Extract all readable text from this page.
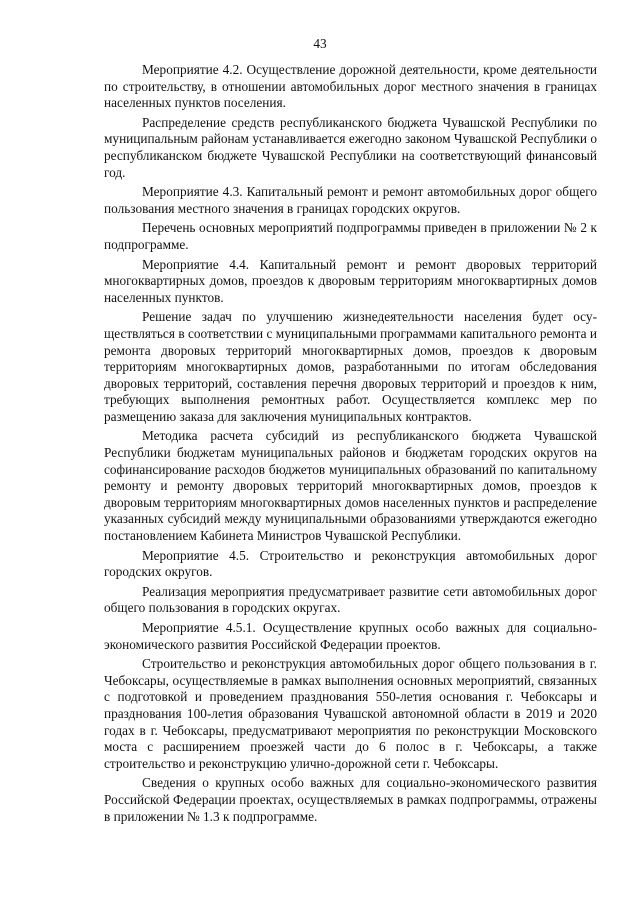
43

Мероприятие 4.2. Осуществление дорожной деятельности, кроме деятельности по строительству, в отношении автомобильных дорог местного значения в границах населенных пунктов поселения.

Распределение средств республиканского бюджета Чувашской Республики по муниципальным районам устанавливается ежегодно законом Чувашской Республики о республиканском бюджете Чувашской Республики на соответствующий финансовый год.

Мероприятие 4.3. Капитальный ремонт и ремонт автомобильных дорог общего пользования местного значения в границах городских округов.

Перечень основных мероприятий подпрограммы приведен в приложении № 2 к подпрограмме.

Мероприятие 4.4. Капитальный ремонт и ремонт дворовых территорий многоквартирных домов, проездов к дворовым территориям многоквартирных домов населенных пунктов.

Решение задач по улучшению жизнедеятельности населения будет осуществляться в соответствии с муниципальными программами капитального ремонта и ремонта дворовых территорий многоквартирных домов, проездов к дворовым территориям многоквартирных домов, разработанными по итогам обследования дворовых территорий, составления перечня дворовых территорий и проездов к ним, требующих выполнения ремонтных работ. Осуществляется комплекс мер по размещению заказа для заключения муниципальных контрактов.

Методика расчета субсидий из республиканского бюджета Чувашской Республики бюджетам муниципальных районов и бюджетам городских округов на софинансирование расходов бюджетов муниципальных образований по капитальному ремонту и ремонту дворовых территорий многоквартирных домов, проездов к дворовым территориям многоквартирных домов населенных пунктов и распределение указанных субсидий между муниципальными образованиями утверждаются ежегодно постановлением Кабинета Министров Чувашской Республики.

Мероприятие 4.5. Строительство и реконструкция автомобильных дорог городских округов.

Реализация мероприятия предусматривает развитие сети автомобильных дорог общего пользования в городских округах.

Мероприятие 4.5.1. Осуществление крупных особо важных для социально-экономического развития Российской Федерации проектов.

Строительство и реконструкция автомобильных дорог общего пользования в г. Чебоксары, осуществляемые в рамках выполнения основных мероприятий, связанных с подготовкой и проведением празднования 550-летия основания г. Чебоксары и празднования 100-летия образования Чувашской автономной области в 2019 и 2020 годах в г. Чебоксары, предусматривают мероприятия по реконструкции Московского моста с расширением проезжей части до 6 полос в г. Чебоксары, а также строительство и реконструкцию улично-дорожной сети г. Чебоксары.

Сведения о крупных особо важных для социально-экономического развития Российской Федерации проектах, осуществляемых в рамках подпрограммы, отражены в приложении № 1.3 к подпрограмме.
